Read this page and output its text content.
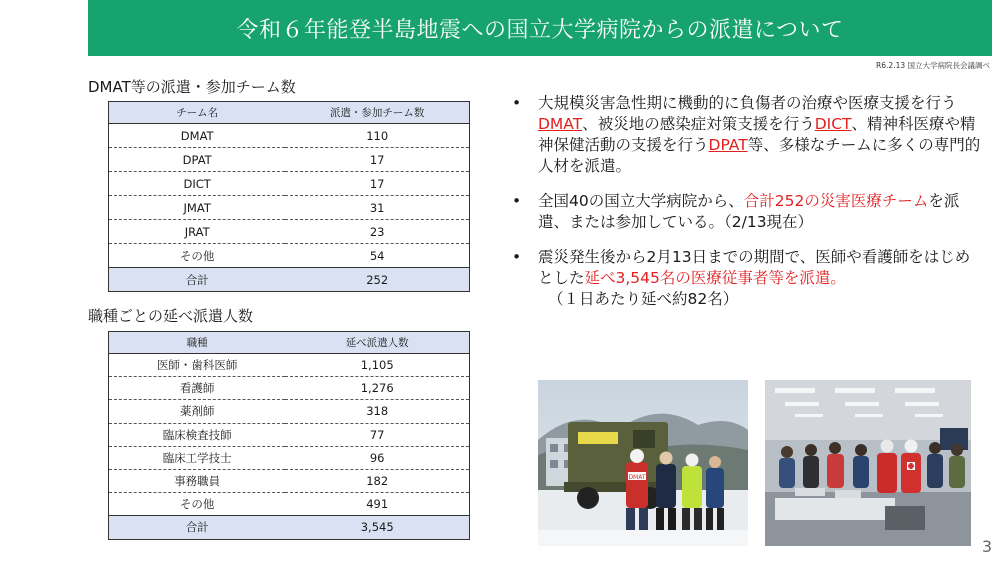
令和６年能登半島地震への国立大学病院からの派遣について
R6.2.13 国立大学病院長会議調べ
DMAT等の派遣・参加チーム数
チーム名	派遣・参加チーム数
DMAT	110
DPAT	17
DICT	17
JMAT	31
JRAT	23
その他	54
合計	252
職種ごとの延べ派遣人数
職種	延べ派遣人数
医師・歯科医師	1,105
看護師	1,276
薬剤師	318
臨床検査技師	77
臨床工学技士	96
事務職員	182
その他	491
合計	3,545
• 大規模災害急性期に機動的に負傷者の治療や医療支援を行うDMAT、被災地の感染症対策支援を行うDICT、精神科医療や精神保健活動の支援を行うDPAT等、多様なチームに多くの専門的人材を派遣。
• 全国40の国立大学病院から、合計252の災害医療チームを派遣、または参加している。（2/13現在）
• 震災発生後から2月13日までの期間で、医師や看護師をはじめとした延べ3,545名の医療従事者等を派遣。
（１日あたり延べ約82名）
DMAT
3
